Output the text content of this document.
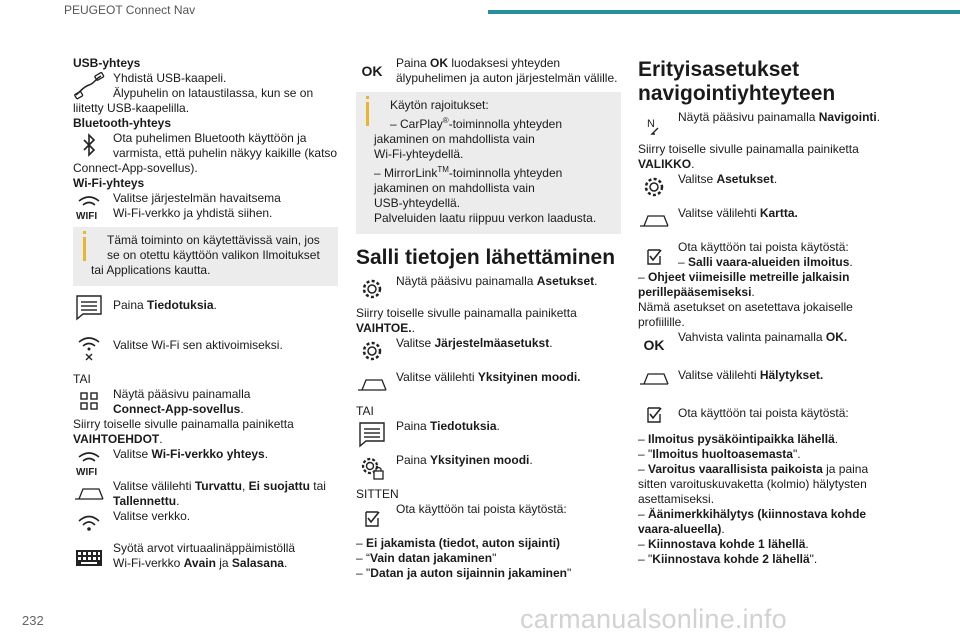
PEUGEOT Connect Nav

USB-yhteys

Yhdistä USB-kaapeli.

Älypuhelin on lataustilassa, kun se on

liitetty USB-kaapelilla.

Bluetooth-yhteys

Ota puhelimen Bluetooth käyttöön ja

varmista, että puhelin näkyy kaikille (katso

Connect-App-sovellus).

Wi-Fi-yhteys

WIFI

Valitse järjestelmän havaitsema

Wi-Fi-verkko ja yhdistä siihen.

Tämä toiminto on käytettävissä vain, jos

se on otettu käyttöön valikon Ilmoitukset

tai Applications kautta.

Paina Tiedotuksia.

Valitse Wi-Fi sen aktivoimiseksi.

TAI

Näytä pääsivu painamalla

Connect-App-sovellus.

Siirry toiselle sivulle painamalla painiketta

VAIHTOEHDOT.

WIFI

Valitse Wi-Fi-verkko yhteys.

Valitse välilehti Turvattu, Ei suojattu tai

Tallennettu.

Valitse verkko.

Syötä arvot virtuaalinäppäimistöllä

Wi-Fi-verkko Avain ja Salasana.

OK	Paina OK luodaksesi yhteyden

älypuhelimen ja auton järjestelmän välille.

Käytön rajoitukset:

– CarPlay®-toiminnolla yhteyden

jakaminen on mahdollista vain

Wi-Fi-yhteydellä.

– MirrorLink™-toiminnolla yhteyden

jakaminen on mahdollista vain

USB-yhteydellä.

Palveluiden laatu riippuu verkon laadusta.

Salli tietojen lähettäminen

Näytä pääsivu painamalla Asetukset.

Siirry toiselle sivulle painamalla painiketta

VAIHTOE..

Valitse Järjestelmäasetukst.

Valitse välilehti Yksityinen moodi.

TAI

Paina Tiedotuksia.

Paina Yksityinen moodi.

SITTEN

Ota käyttöön tai poista käytöstä:

– Ei jakamista (tiedot, auton sijainti)

– “Vain datan jakaminen"

– "Datan ja auton sijainnin jakaminen"

Erityisasetukset
navigointiyhteyteen
N Näytä pääsivu painamalla Navigointi.

Siirry toiselle sivulle painamalla painiketta

VALIKKO.

Valitse Asetukset.

Valitse välilehti Kartta.

Ota käyttöön tai poista käytöstä:

– Salli vaara-alueiden ilmoitus.

– Ohjeet viimeisille metreille jalkaisin

perillepääsemiseksi.

Nämä asetukset on asetettava jokaiselle

profiilille.

OK	Vahvista valinta painamalla OK.

Valitse välilehti Hälytykset.

Ota käyttöön tai poista käytöstä:

– Ilmoitus pysäköintipaikka lähellä.

– "Ilmoitus huoltoasemasta".

– Varoitus vaarallisista paikoista ja paina

sitten varoituskuvaketta (kolmio) hälytysten

asettamiseksi.

– Äänimerkkihälytys (kiinnostava kohde

vaara-alueella).

– Kiinnostava kohde 1 lähellä.

– "Kiinnostava kohde 2 lähellä".

232	carmanualsonline.info
